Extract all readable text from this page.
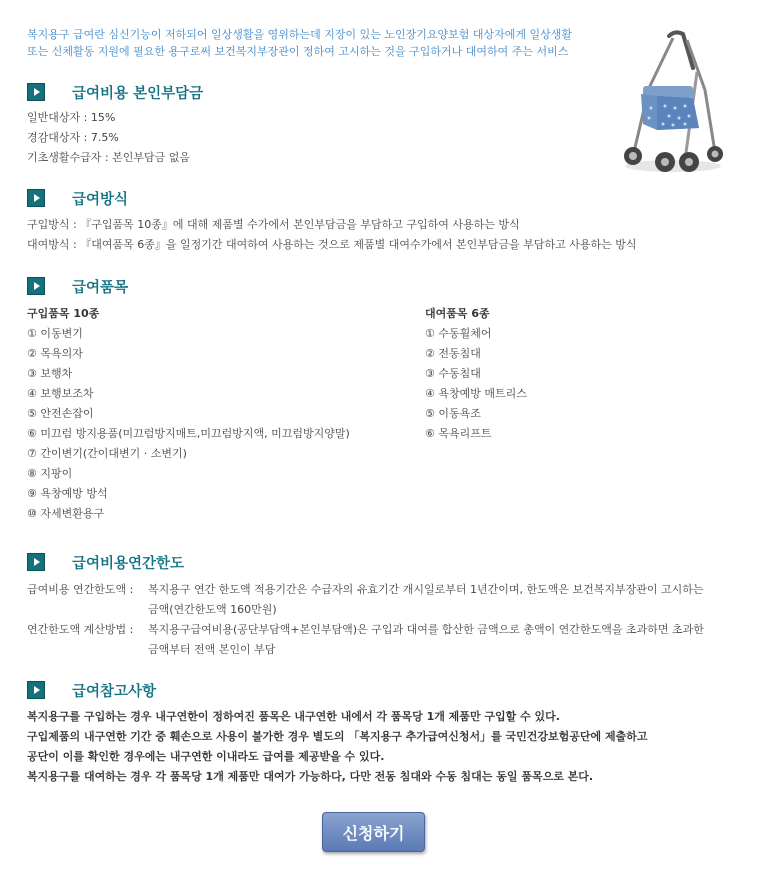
복지용구 급여란 심신기능이 저하되어 일상생활을 영위하는데 지장이 있는 노인장기요양보험 대상자에게 일상생활
또는 신체활동 지원에 필요한 용구로써 보건복지부장관이 정하여 고시하는 것을 구입하거나 대여하여 주는 서비스
급여비용 본인부담금
일반대상자 : 15%
경감대상자 : 7.5%
기초생활수급자 : 본인부담금 없음
급여방식
구입방식 : 『구입품목 10종』에 대해 제품별 수가에서 본인부담금을 부담하고 구입하여 사용하는 방식
대여방식 : 『대여품목 6종』을 일정기간 대여하여 사용하는 것으로 제품별 대여수가에서 본인부담금을 부담하고 사용하는 방식
급여품목
구입품목 10종
① 이동변기
② 목욕의자
③ 보행차
④ 보행보조차
⑤ 안전손잡이
⑥ 미끄럼 방지용품(미끄럼방지매트,미끄럼방지액, 미끄럼방지양말)
⑦ 간이변기(간이대변기 · 소변기)
⑧ 지팡이
⑨ 욕창예방 방석
⑩ 자세변환용구
대여품목 6종
① 수동휠체어
② 전동침대
③ 수동침대
④ 욕창예방 매트리스
⑤ 이동욕조
⑥ 목욕리프트
급여비용연간한도
급여비용 연간한도액 :	복지용구 연간 한도액 적용기간은 수급자의 유효기간 개시일로부터 1년간이며, 한도액은 보건복지부장관이 고시하는 금액(연간한도액 160만원)
연간한도액 계산방법 :	복지용구급여비용(공단부담액+본인부담액)은 구입과 대여를 합산한 금액으로 총액이 연간한도액을 초과하면 초과한 금액부터 전액 본인이 부담
급여참고사항
복지용구를 구입하는 경우 내구연한이 정하여진 품목은 내구연한 내에서 각 품목당 1개 제품만 구입할 수 있다.
구입제품의 내구연한 기간 중 훼손으로 사용이 불가한 경우 별도의 「복지용구 추가급여신청서」를 국민건강보험공단에 제출하고
공단이 이를 확인한 경우에는 내구연한 이내라도 급여를 제공받을 수 있다.
복지용구를 대여하는 경우 각 품목당 1개 제품만 대여가 가능하다, 다만 전동 침대와 수동 침대는 동일 품목으로 본다.
신청하기
